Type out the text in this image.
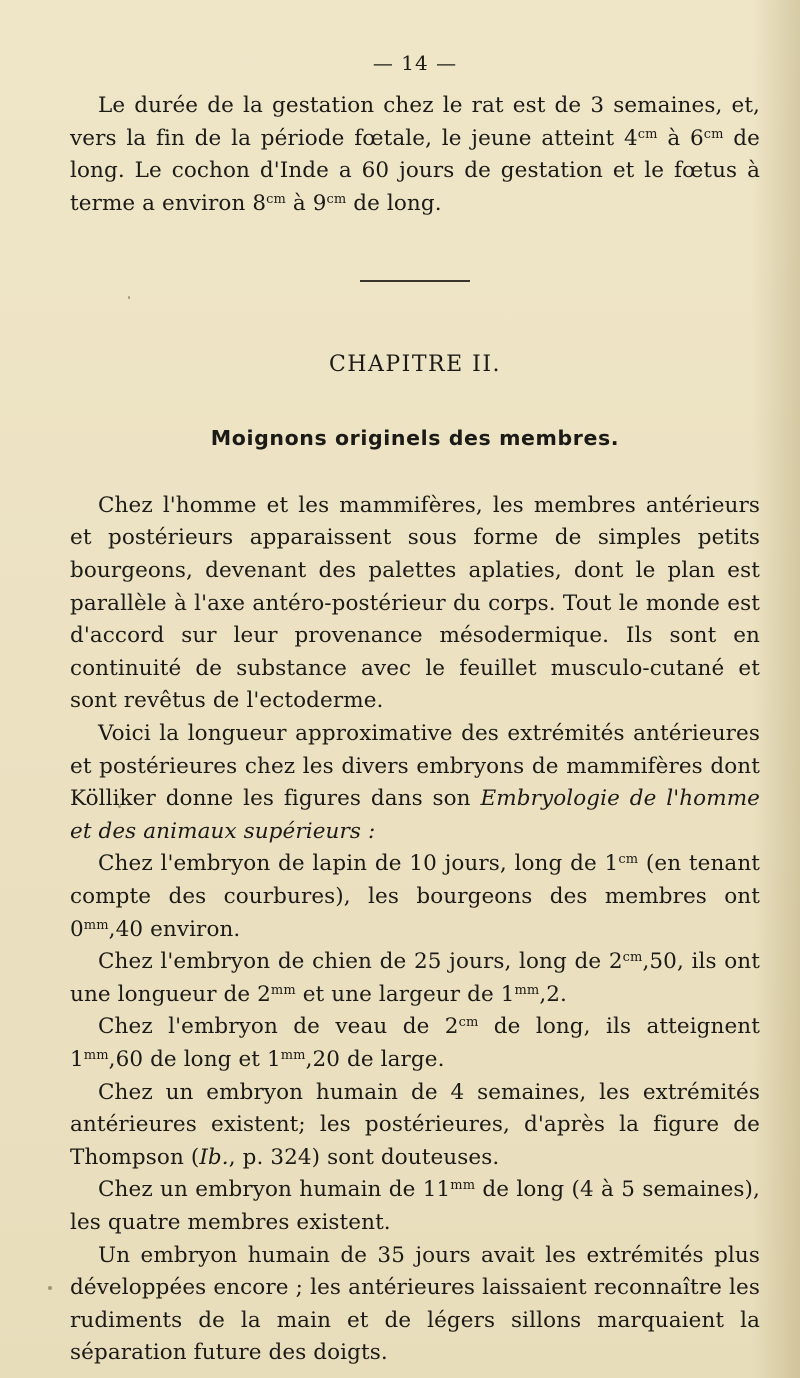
— 14 —

Le durée de la gestation chez le rat est de 3 semaines, et, vers la fin de la période fœtale, le jeune atteint $4^{cm}$ à $6^{cm}$ de long. Le cochon d'Inde a 60 jours de gestation et le fœtus à terme a environ $8^{cm}$ à $9^{cm}$ de long.

CHAPITRE II.
Moignons originels des membres.

Chez l'homme et les mammifères, les membres antérieurs et postérieurs apparaissent sous forme de simples petits bourgeons, devenant des palettes aplaties, dont le plan est parallèle à l'axe antéro-postérieur du corps. Tout le monde est d'accord sur leur provenance mésodermique. Ils sont en continuité de substance avec le feuillet musculo-cutané et sont revêtus de l'ectoderme.

Voici la longueur approximative des extrémités antérieures et postérieures chez les divers embryons de mammifères dont Kölliker donne les figures dans son Embryologie de l'homme et des animaux supérieurs :

Chez l'embryon de lapin de 10 jours, long de $1^{cm}$ (en tenant compte des courbures), les bourgeons des membres ont $0^{mm},40$ environ.

Chez l'embryon de chien de 25 jours, long de $2^{cm},50$, ils ont une longueur de $2^{mm}$ et une largeur de $1^{mm},2$.

Chez l'embryon de veau de $2^{cm}$ de long, ils atteignent $1^{mm},60$ de long et $1^{mm},20$ de large.

Chez un embryon humain de 4 semaines, les extrémités antérieures existent; les postérieures, d'après la figure de Thompson (Ib., p. 324) sont douteuses.

Chez un embryon humain de $11^{mm}$ de long (4 à 5 semaines), les quatre membres existent.

Un embryon humain de 35 jours avait les extrémités plus développées encore ; les antérieures laissaient reconnaître les rudiments de la main et de légers sillons marquaient la séparation future des doigts.
